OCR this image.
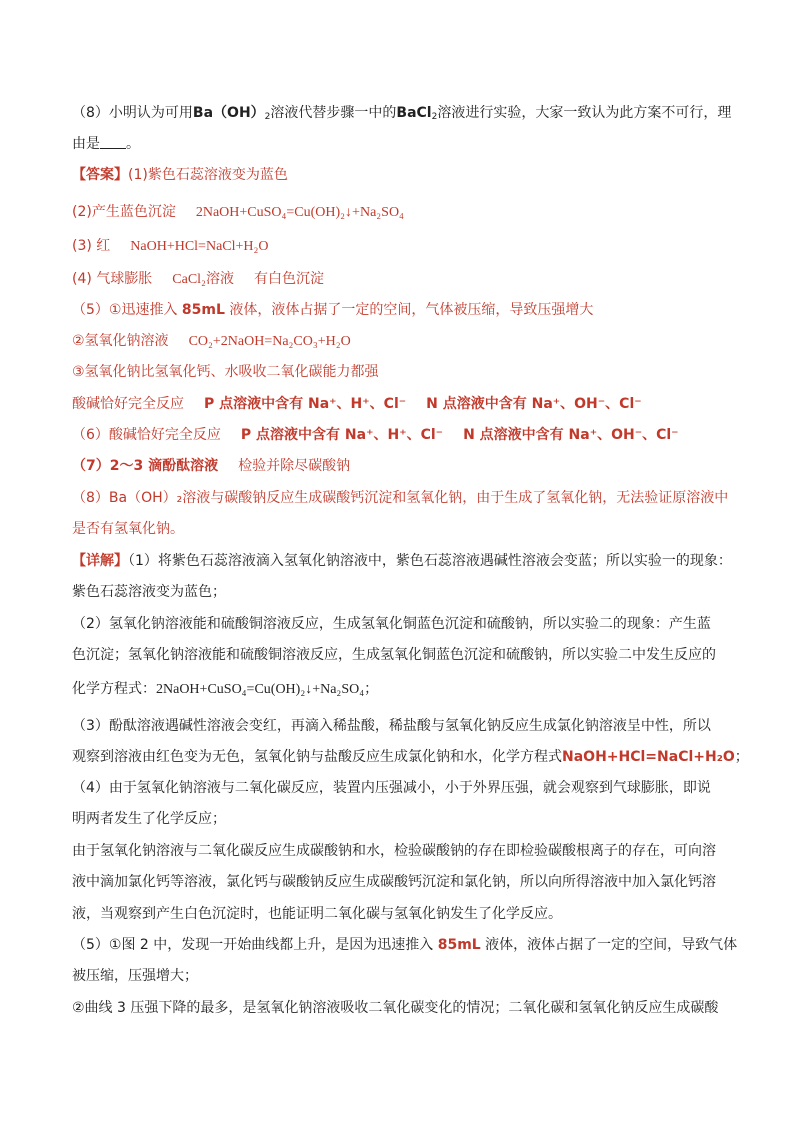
（8）小明认为可用$Ba(OH)_2$溶液代替步骤一中的BaCl$_2$溶液进行实验，大家一致认为此方案不可行，理
由是 。
【答案】(1)紫色石蕊溶液变为蓝色
(2)产生蓝色沉淀 2NaOH+CuSO₄=Cu(OH)₂↓+Na₂SO₄
(3) 红 NaOH+HCl=NaCl+H₂O
(4) 气球膨胀 CaCl₂溶液 有白色沉淀
（5）①迅速推入 85mL 液体，液体占据了一定的空间，气体被压缩，导致压强增大
②氢氧化钠溶液 CO₂+2NaOH=Na₂CO₃+H₂O
③氢氧化钠比氢氧化钙、水吸收二氧化碳能力都强
酸碱恰好完全反应 P 点溶液中含有 Na⁺、H⁺、Cl⁻ N 点溶液中含有 Na⁺、OH⁻、Cl⁻
（6）酸碱恰好完全反应 P 点溶液中含有 Na⁺、H⁺、Cl⁻ N 点溶液中含有 Na⁺、OH⁻、Cl⁻
（7）2～3 滴酚酞溶液 检验并除尽碳酸钠
（8）Ba（OH）₂溶液与碳酸钠反应生成碳酸钙沉淀和氢氧化钠，由于生成了氢氧化钠，无法验证原溶液中
是否有氢氧化钠。
【详解】（1）将紫色石蕊溶液滴入氢氧化钠溶液中，紫色石蕊溶液遇碱性溶液会变蓝；所以实验一的现象：
紫色石蕊溶液变为蓝色；
（2）氢氧化钠溶液能和硫酸铜溶液反应，生成氢氧化铜蓝色沉淀和硫酸钠，所以实验二的现象：产生蓝
色沉淀；氢氧化钠溶液能和硫酸铜溶液反应，生成氢氧化铜蓝色沉淀和硫酸钠，所以实验二中发生反应的
化学方程式：2NaOH+CuSO₄=Cu(OH)₂↓+Na₂SO₄；
（3）酚酞溶液遇碱性溶液会变红，再滴入稀盐酸，稀盐酸与氢氧化钠反应生成氯化钠溶液呈中性，所以
观察到溶液由红色变为无色，氢氧化钠与盐酸反应生成氯化钠和水，化学方程式NaOH+HCl=NaCl+H₂O；
（4）由于氢氧化钠溶液与二氧化碳反应，装置内压强减小，小于外界压强，就会观察到气球膨胀，即说
明两者发生了化学反应；
由于氢氧化钠溶液与二氧化碳反应生成碳酸钠和水，检验碳酸钠的存在即检验碳酸根离子的存在，可向溶
液中滴加氯化钙等溶液，氯化钙与碳酸钠反应生成碳酸钙沉淀和氯化钠，所以向所得溶液中加入氯化钙溶
液，当观察到产生白色沉淀时，也能证明二氧化碳与氢氧化钠发生了化学反应。
（5）①图 2 中，发现一开始曲线都上升，是因为迅速推入 85mL 液体，液体占据了一定的空间，导致气体
被压缩，压强增大；
②曲线 3 压强下降的最多，是氢氧化钠溶液吸收二氧化碳变化的情况；二氧化碳和氢氧化钠反应生成碳酸
